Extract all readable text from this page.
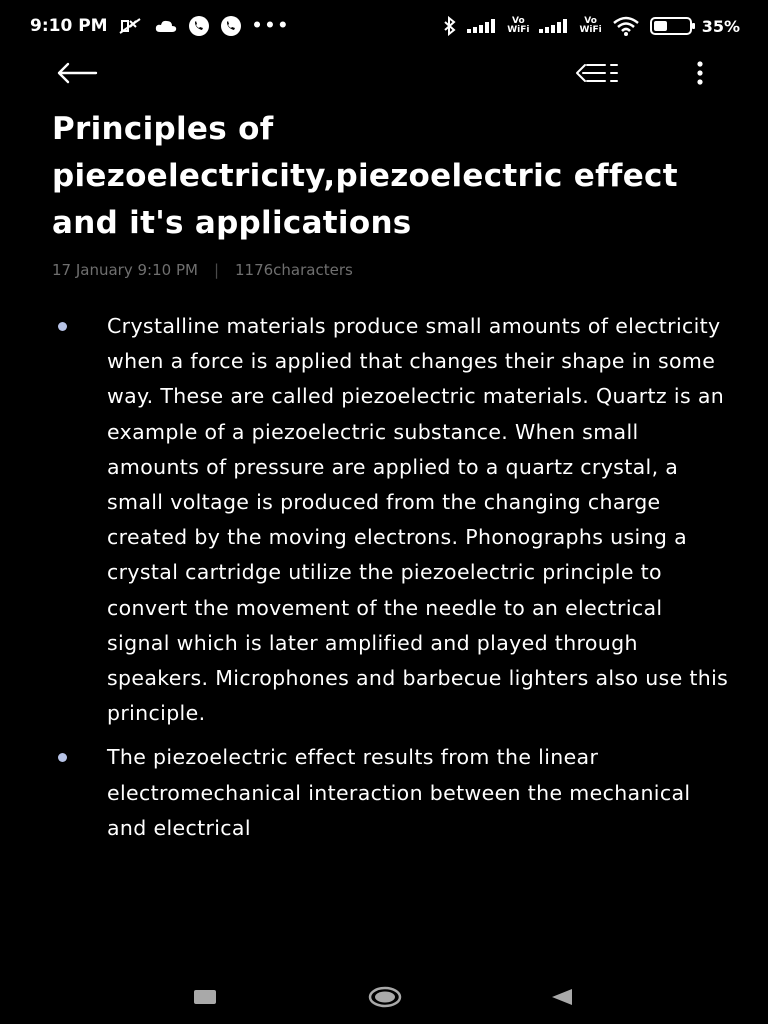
9:10 PM	•••	Vo
WiFi
Vo
WiFi	35%
Principles of piezoelectricity,piezoelectric effect and it's applications
17 January 9:10 PM | 1176characters
Crystalline materials produce small amounts of electricity when a force is applied that changes their shape in some way. These are called piezoelectric materials. Quartz is an example of a piezoelectric substance. When small amounts of pressure are applied to a quartz crystal, a small voltage is produced from the changing charge created by the moving electrons. Phonographs using a crystal cartridge utilize the piezoelectric principle to convert the movement of the needle to an electrical signal which is later amplified and played through speakers. Microphones and barbecue lighters also use this principle.
The piezoelectric effect results from the linear electromechanical interaction between the mechanical and electrical
